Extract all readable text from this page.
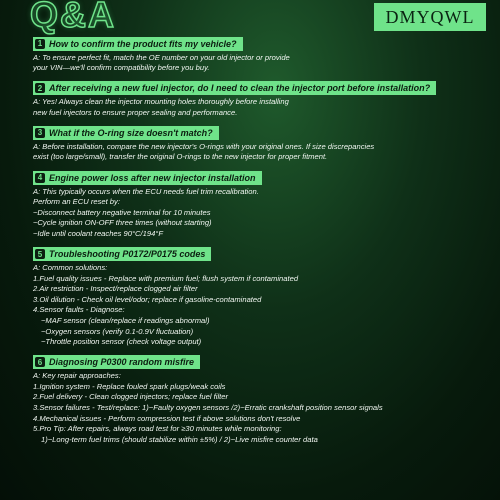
Q&A	DMYQWL
1 How to confirm the product fits my vehicle?
A: To ensure perfect fit, match the OE number on your old injector or provide
your VIN—we'll confirm compatibility before you buy.
2 After receiving a new fuel injector, do I need to clean the injector port before installation?
A: Yes! Always clean the injector mounting holes thoroughly before installing
new fuel injectors to ensure proper sealing and performance.
3 What if the O-ring size doesn't match?
A: Before installation, compare the new injector's O-rings with your original ones. If size discrepancies
exist (too large/small), transfer the original O-rings to the new injector for proper fitment.
4 Engine power loss after new injector installation
A: This typically occurs when the ECU needs fuel trim recalibration.
Perform an ECU reset by:
~Disconnect battery negative terminal for 10 minutes
~Cycle ignition ON-OFF three times (without starting)
~Idle until coolant reaches 90°C/194°F
5 Troubleshooting P0172/P0175 codes
A: Common solutions:
1.Fuel quality issues - Replace with premium fuel; flush system if contaminated
2.Air restriction - Inspect/replace clogged air filter
3.Oil dilution - Check oil level/odor; replace if gasoline-contaminated
4.Sensor faults - Diagnose:
~MAF sensor (clean/replace if readings abnormal)
~Oxygen sensors (verify 0.1-0.9V fluctuation)
~Throttle position sensor (check voltage output)
6 Diagnosing P0300 random misfire
A: Key repair approaches:
1.Ignition system - Replace fouled spark plugs/weak coils
2.Fuel delivery - Clean clogged injectors; replace fuel filter
3.Sensor failures - Test/replace: 1)~Faulty oxygen sensors /2)~Erratic crankshaft position sensor signals
4.Mechanical issues - Perform compression test if above solutions don't resolve
5.Pro Tip: After repairs, always road test for ≥30 minutes while monitoring:
1)~Long-term fuel trims (should stabilize within ±5%) / 2)~Live misfire counter data
